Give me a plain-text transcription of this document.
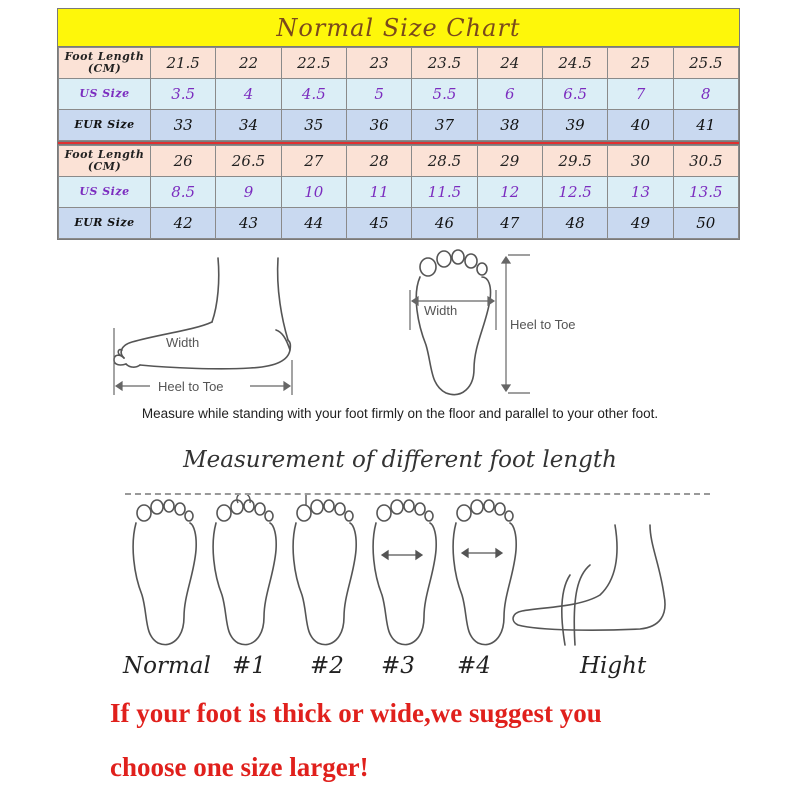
Normal Size Chart
Foot Length (CM)	21.5	22	22.5	23	23.5	24	24.5	25	25.5
US Size	3.5	4	4.5	5	5.5	6	6.5	7	8
EUR Size	33	34	35	36	37	38	39	40	41
Foot Length (CM)	26	26.5	27	28	28.5	29	29.5	30	30.5
US Size	8.5	9	10	11	11.5	12	12.5	13	13.5
EUR Size	42	43	44	45	46	47	48	49	50
Width
Heel to Toe
Width
Heel to Toe
Measure while standing with your foot firmly on the floor and parallel to your other foot.
Measurement of different foot length
Normal #1 #2 #3 #4	Hight
If your foot is thick or wide,we suggest you
choose one size larger!
